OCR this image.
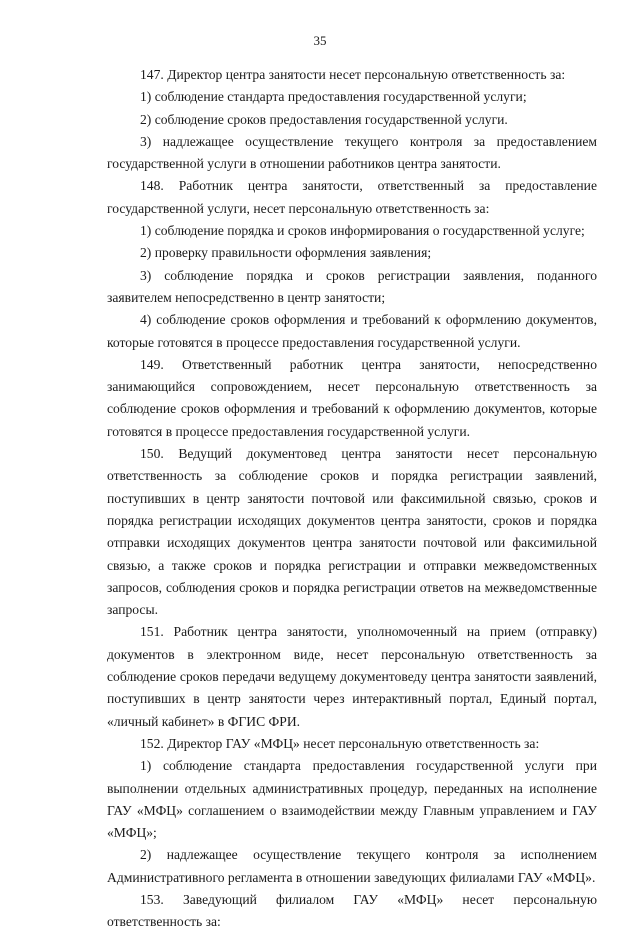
35

147. Директор центра занятости несет персональную ответственность за:

1) соблюдение стандарта предоставления государственной услуги;

2) соблюдение сроков предоставления государственной услуги.

3) надлежащее осуществление текущего контроля за предоставлением государственной услуги в отношении работников центра занятости.

148. Работник центра занятости, ответственный за предоставление государственной услуги, несет персональную ответственность за:

1) соблюдение порядка и сроков информирования о государственной услуге;

2) проверку правильности оформления заявления;

3) соблюдение порядка и сроков регистрации заявления, поданного заявителем непосредственно в центр занятости;

4) соблюдение сроков оформления и требований к оформлению документов, которые готовятся в процессе предоставления государственной услуги.

149. Ответственный работник центра занятости, непосредственно занимающийся сопровождением, несет персональную ответственность за соблюдение сроков оформления и требований к оформлению документов, которые готовятся в процессе предоставления государственной услуги.

150. Ведущий документовед центра занятости несет персональную ответственность за соблюдение сроков и порядка регистрации заявлений, поступивших в центр занятости почтовой или факсимильной связью, сроков и порядка регистрации исходящих документов центра занятости, сроков и порядка отправки исходящих документов центра занятости почтовой или факсимильной связью, а также сроков и порядка регистрации и отправки межведомственных запросов, соблюдения сроков и порядка регистрации ответов на межведомственные запросы.

151. Работник центра занятости, уполномоченный на прием (отправку) документов в электронном виде, несет персональную ответственность за соблюдение сроков передачи ведущему документоведу центра занятости заявлений, поступивших в центр занятости через интерактивный портал, Единый портал, «личный кабинет» в ФГИС ФРИ.

152. Директор ГАУ «МФЦ» несет персональную ответственность за:

1) соблюдение стандарта предоставления государственной услуги при выполнении отдельных административных процедур, переданных на исполнение ГАУ «МФЦ» соглашением о взаимодействии между Главным управлением и ГАУ «МФЦ»;

2) надлежащее осуществление текущего контроля за исполнением Административного регламента в отношении заведующих филиалами ГАУ «МФЦ».

153. Заведующий филиалом ГАУ «МФЦ» несет персональную ответственность за:
